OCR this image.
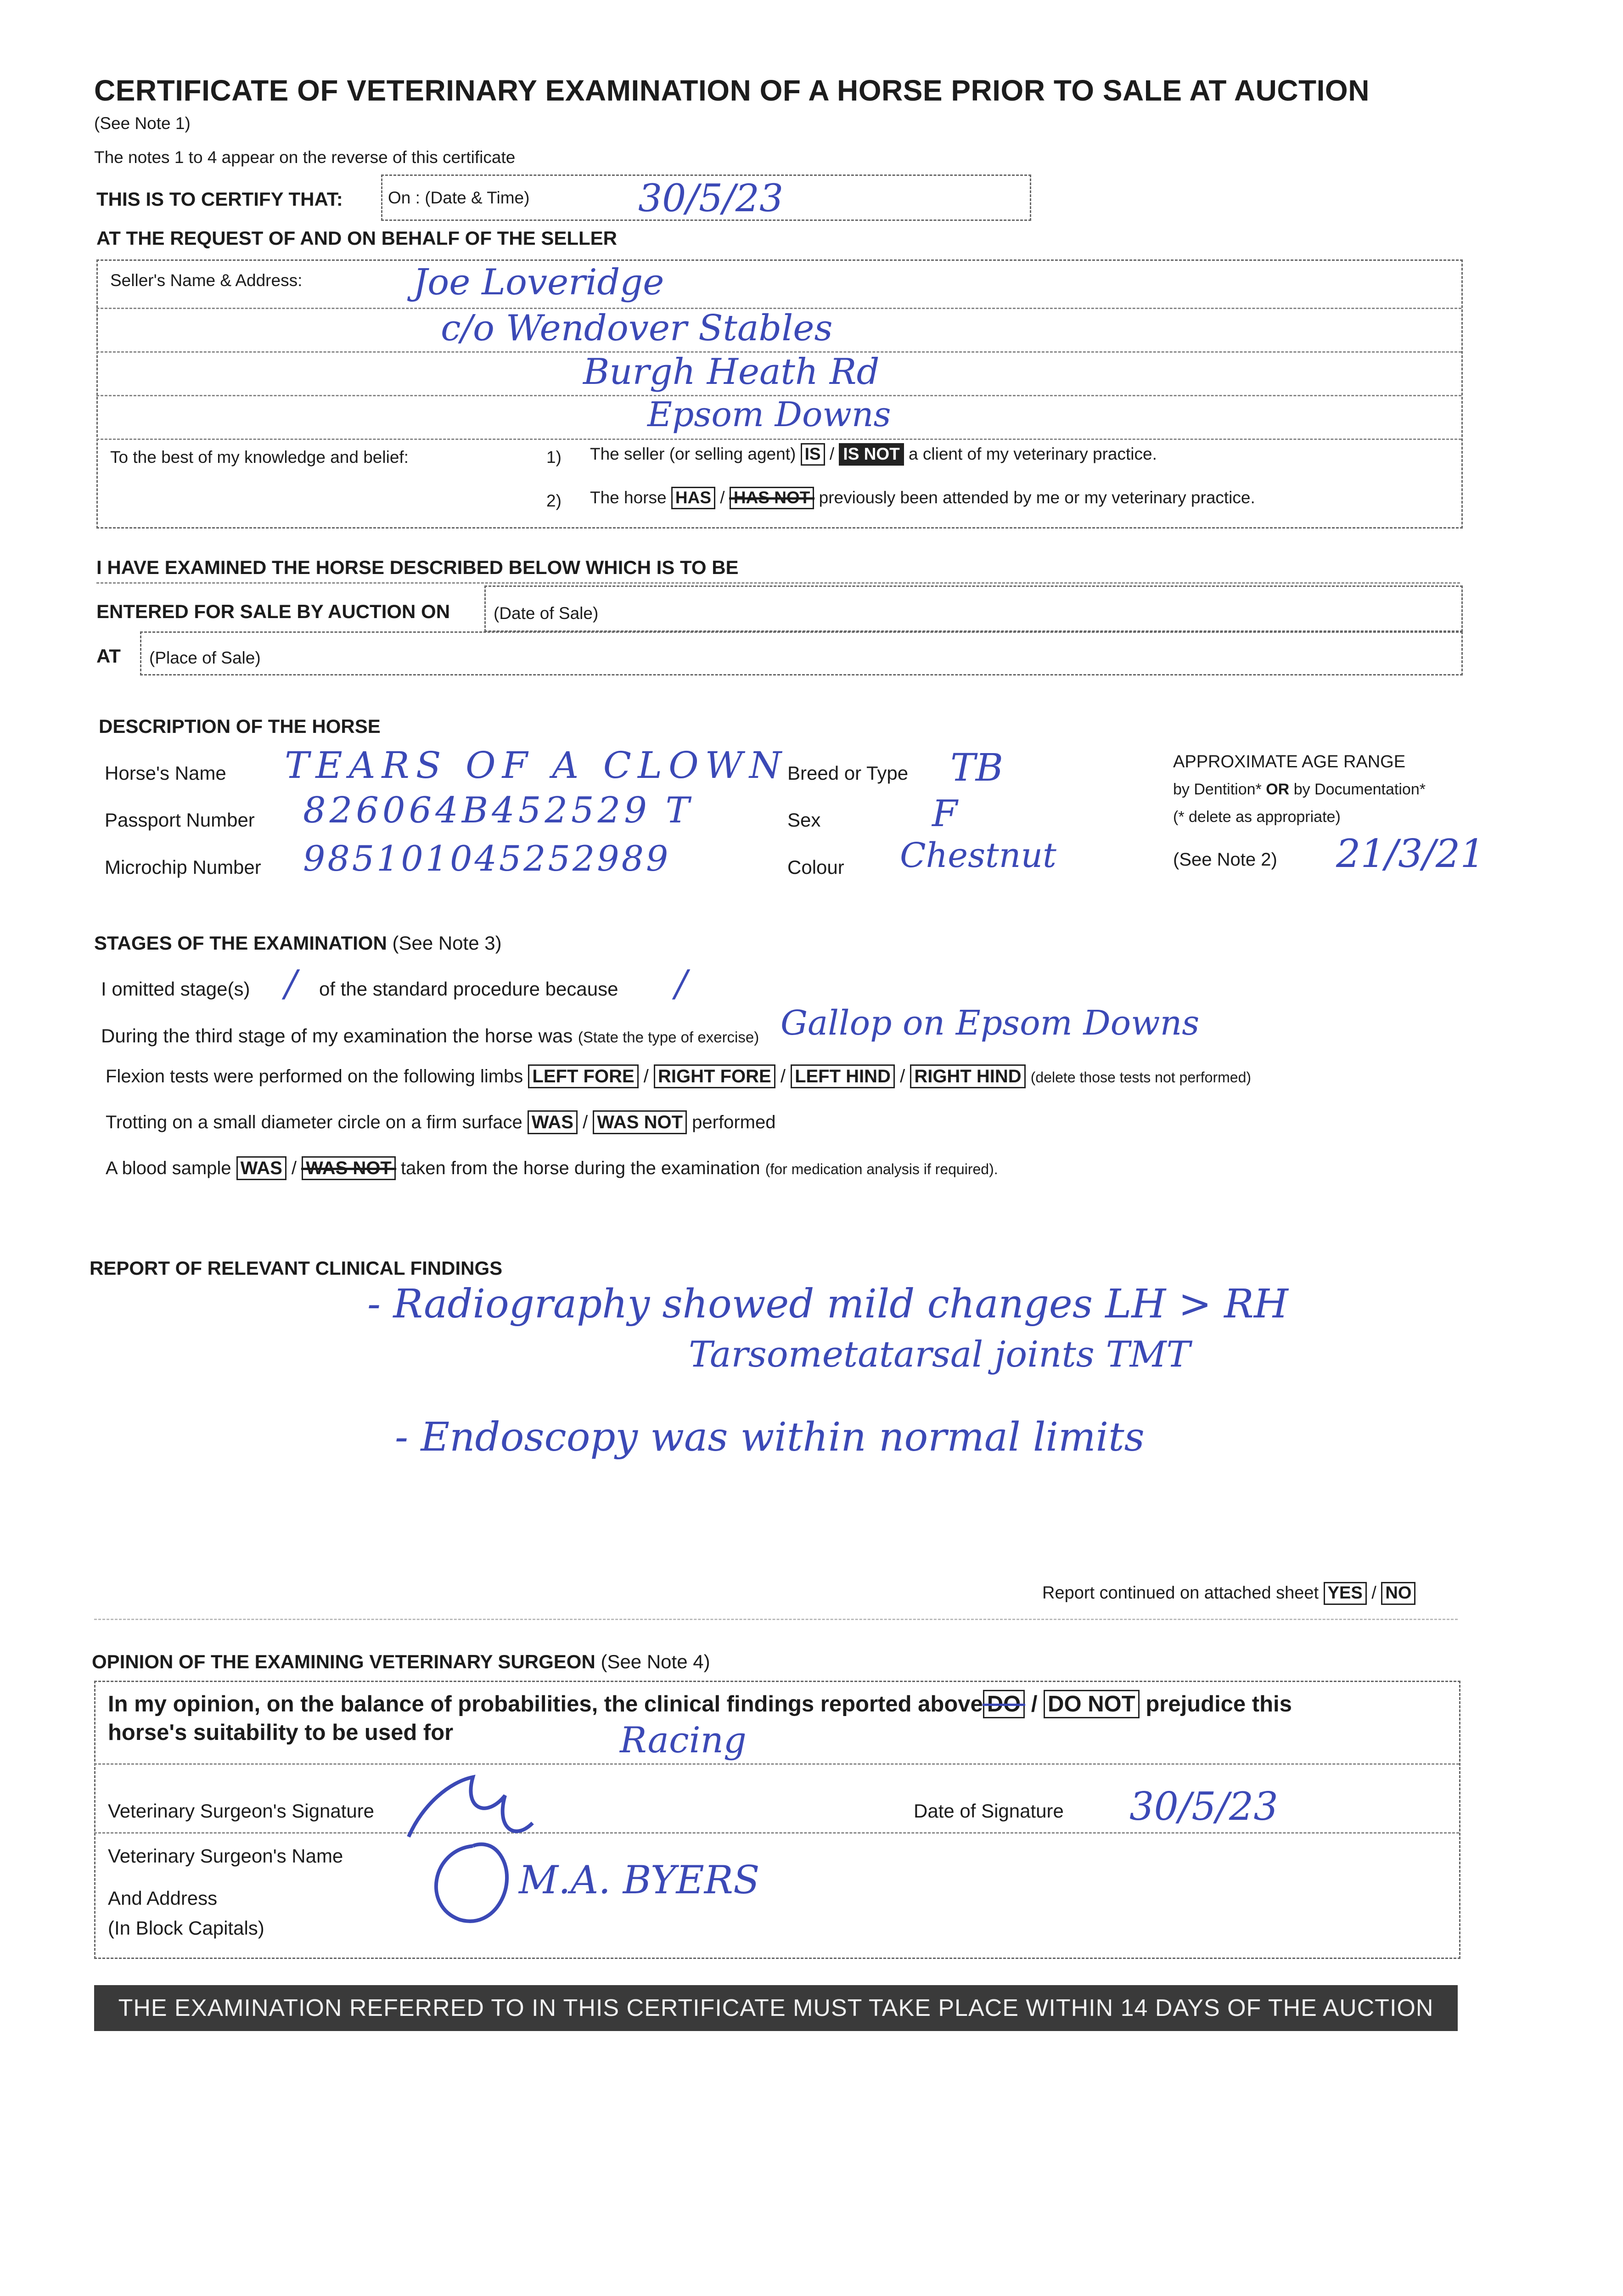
CERTIFICATE OF VETERINARY EXAMINATION OF A HORSE PRIOR TO SALE AT AUCTION
(See Note 1)
The notes 1 to 4 appear on the reverse of this certificate
THIS IS TO CERTIFY THAT:	On : (Date & Time)	30/5/23
AT THE REQUEST OF AND ON BEHALF OF THE SELLER
Seller's Name & Address:	Joe Loveridge
c/o Wendover Stables
Burgh Heath Rd
Epsom Downs
To the best of my knowledge and belief:	1) The seller (or selling agent) IS / IS NOT a client of my veterinary practice.
2) The horse HAS / HAS NOT previously been attended by me or my veterinary practice.
I HAVE EXAMINED THE HORSE DESCRIBED BELOW WHICH IS TO BE
ENTERED FOR SALE BY AUCTION ON	(Date of Sale)
AT (Place of Sale)
DESCRIPTION OF THE HORSE
Horse's Name TEARS OF A CLOWN
Passport Number 826064B452529 T
Microchip Number 985101045252989
Breed or Type TB
Sex	F
Colour Chestnut
APPROXIMATE AGE RANGE
by Dentition* OR by Documentation*
(* delete as appropriate)
(See Note 2) 21/3/21
STAGES OF THE EXAMINATION (See Note 3)
I omitted stage(s) / of the standard procedure because /
During the third stage of my examination the horse was (State the type of exercise) Gallop on Epsom Downs
Flexion tests were performed on the following limbs LEFT FORE / RIGHT FORE / LEFT HIND / RIGHT HIND (delete those tests not performed)
Trotting on a small diameter circle on a firm surface WAS / WAS NOT performed
A blood sample WAS / WAS NOT taken from the horse during the examination (for medication analysis if required).
REPORT OF RELEVANT CLINICAL FINDINGS
- Radiography showed mild changes LH > RH
Tarsometatarsal joints TMT
- Endoscopy was within normal limits
Report continued on attached sheet YES / NO
OPINION OF THE EXAMINING VETERINARY SURGEON (See Note 4)
In my opinion, on the balance of probabilities, the clinical findings reported above DO / DO NOT prejudice this
horse's suitability to be used for	Racing
Veterinary Surgeon's Signature	Date of Signature 30/5/23
Veterinary Surgeon's Name
M.A. BYERS
And Address
(In Block Capitals)
THE EXAMINATION REFERRED TO IN THIS CERTIFICATE MUST TAKE PLACE WITHIN 14 DAYS OF THE AUCTION
